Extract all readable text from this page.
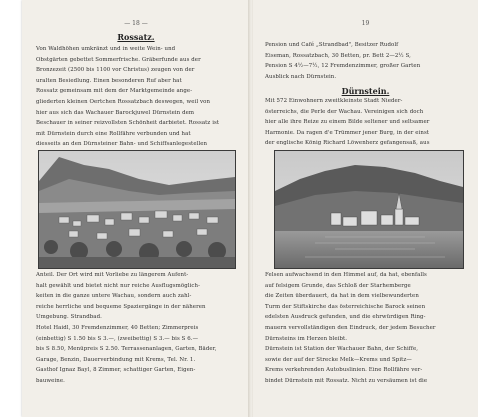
— 18 —
Rossatz.
Von Waldhöhen umkränzt und in weite Wein- und
Obstgärten gebettet Sommerfrische. Gräberfunde aus der
Bronzezeit (2500 bis 1100 vor Christus) zeugen von der
uralten Besiedlung. Einen besonderen Ruf aber hat
Rossatz gemeinsam mit dem der Marktgemeinde ange-
gliederten kleinen Oertchen Rossatzbach deswegen, weil von
hier aus sich das Wachauer Barockjuwel Dürnstein dem
Beschauer in seiner reizvollsten Schönheit darbietet. Rossatz ist
mit Dürnstein durch eine Rollfähre verbunden und hat
diesseits an den Dürnsteiner Bahn- und Schiffsanlegestellen
Anteil. Der Ort wird mit Vorliebe zu längerem Aufent-
halt gewählt und bietet nicht nur reiche Ausflugsmöglich-
keiten in die ganze untere Wachau, sondern auch zahl-
reiche herrliche und bequeme Spaziergänge in der näheren
Umgebung. Strandbad.
Hotel Haidl, 30 Fremdenzimmer, 40 Betten; Zimmerpreis
(einbettig) S 1.50 bis S 3.—, (zweibettig) S 3.— bis S 6.—
bis S 8.50, Menüpreis S 2.50. Terrassenanlagen, Garten, Bäder,
Garage, Benzin, Dauerverbindung mit Krems, Tel. Nr. 1.
Gasthof Ignaz Bayl, 8 Zimmer, schattiger Garten, Eigen-
bauweine.
19
Pension und Café „Strandbad", Besitzer Rudolf
Eiseman, Rossatzbach, 30 Betten, pr. Bett 2—2½ S,
Pension S 4½—7½, 12 Fremdenzimmer, großer Garten
Ausblick nach Dürnstein.
Dürnstein.
Mit 572 Einwohnern zweitkleinste Stadt Nieder-
österreichs, die Perle der Wachau. Vereinigen sich doch
hier alle ihre Reize zu einem Bilde seltener und seltsamer
Harmonie. Da ragen d'e Trümmer jener Burg, in der einst
der englische König Richard Löwenherz gefangensaß, aus
Felsen aufwachsend in den Himmel auf, da hat, ebenfalls
auf felsigem Grunde, das Schloß der Starhemberge
die Zeiten überdauert, da hat in dem vielbewunderten
Turm der Stiftskirche das österreichische Barock seinen
edelsten Ausdruck gefunden, und die ehrwürdigen Ring-
mauern vervollständigen den Eindruck, der jedem Besucher
Dürnsteins im Herzen bleibt.
Dürnstein ist Station der Wachauer Bahn, der Schiffe,
sowie der auf der Strecke Melk—Krems und Spitz—
Krems verkehrenden Autobuslinien. Eine Rollfähre ver-
bindet Dürnstein mit Rossatz. Nicht zu versäumen ist die
